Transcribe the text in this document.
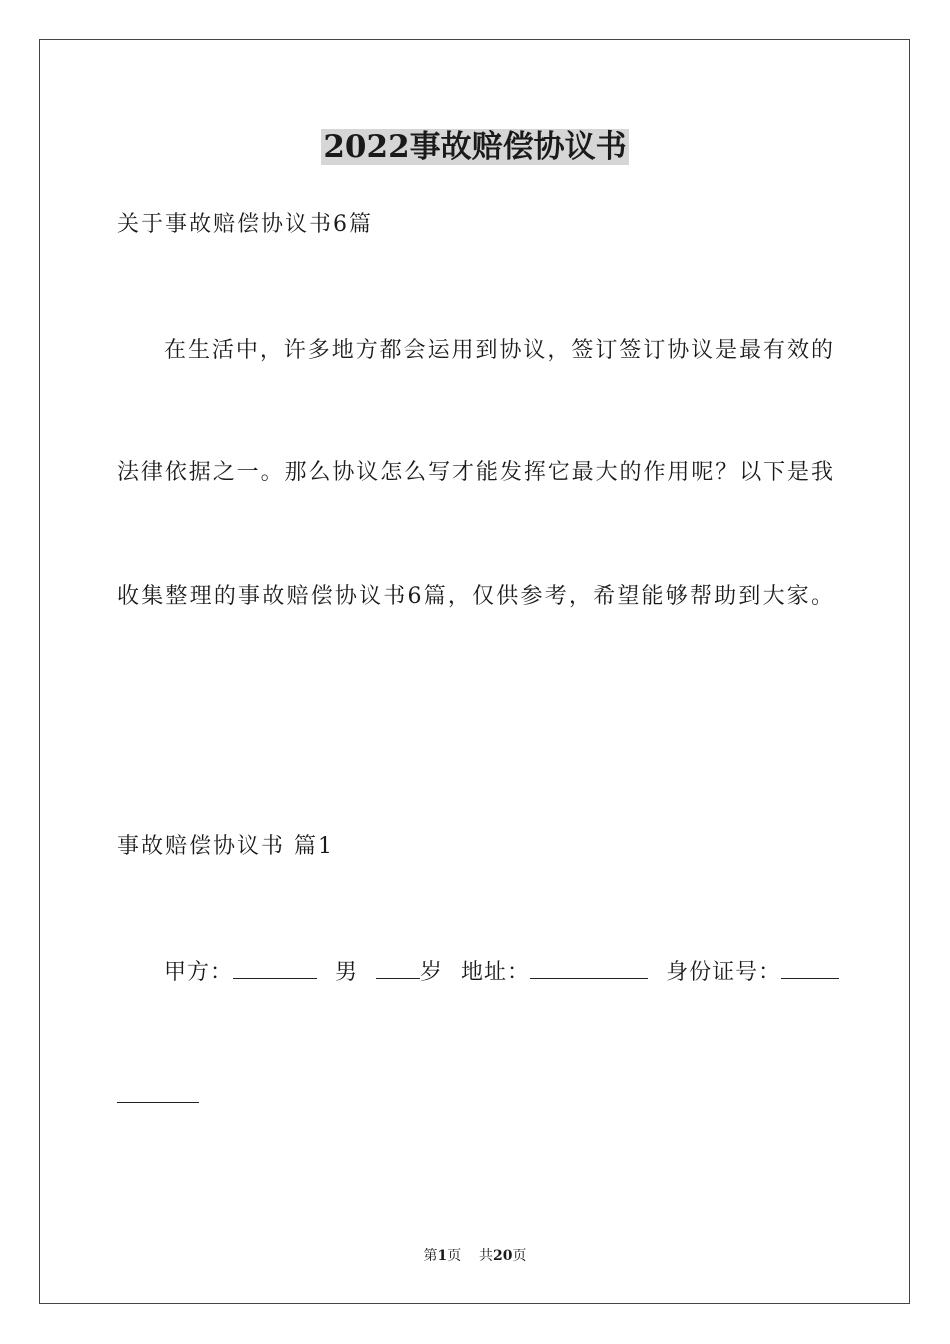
2022事故赔偿协议书
关于事故赔偿协议书6篇
在生活中，许多地方都会运用到协议，签订签订协议是最有效的
法律依据之一。那么协议怎么写才能发挥它最大的作用呢？以下是我
收集整理的事故赔偿协议书6篇，仅供参考，希望能够帮助到大家。
事故赔偿协议书 篇1
甲方：	男	岁 地址：	身份证号：
第1页 共20页
